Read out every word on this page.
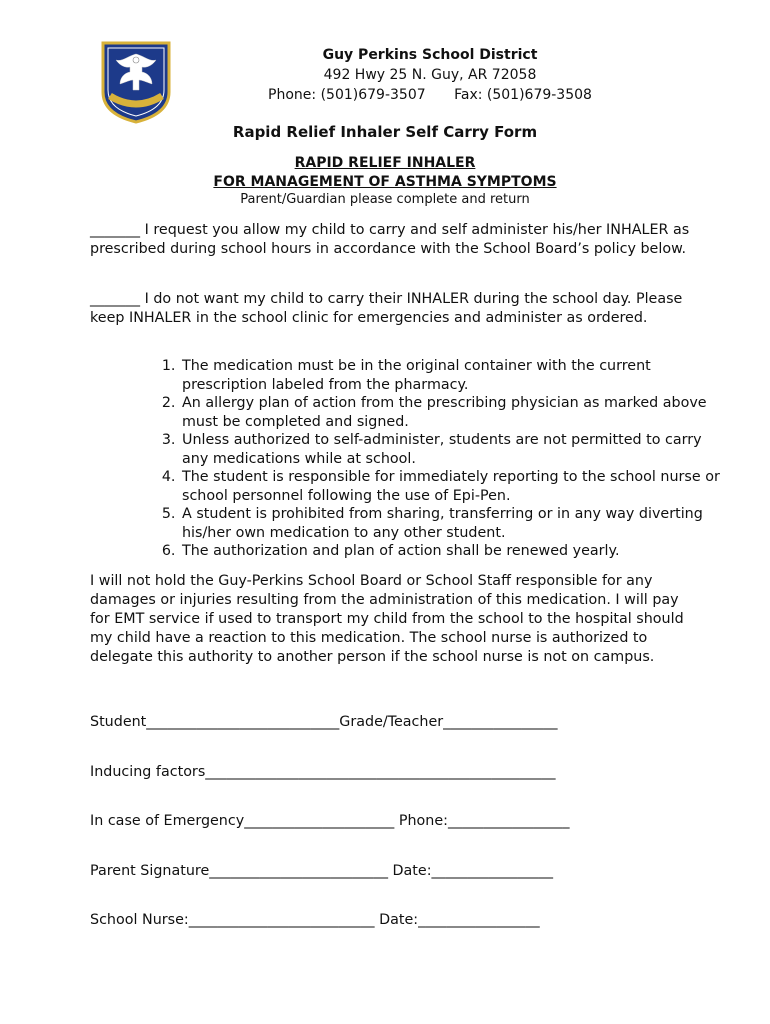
Guy Perkins School District
492 Hwy 25 N. Guy, AR 72058
Phone: (501)679-3507 Fax: (501)679-3508
Rapid Relief Inhaler Self Carry Form
RAPID RELIEF INHALER
FOR MANAGEMENT OF ASTHMA SYMPTOMS
Parent/Guardian please complete and return

_______ I request you allow my child to carry and self administer his/her INHALER as prescribed during school hours in accordance with the School Board’s policy below.

_______ I do not want my child to carry their INHALER during the school day. Please keep INHALER in the school clinic for emergencies and administer as ordered.

1. The medication must be in the original container with the current prescription labeled from the pharmacy.
2. An allergy plan of action from the prescribing physician as marked above must be completed and signed.
3. Unless authorized to self-administer, students are not permitted to carry any medications while at school.
4. The student is responsible for immediately reporting to the school nurse or school personnel following the use of Epi-Pen.
5. A student is prohibited from sharing, transferring or in any way diverting his/her own medication to any other student.
6. The authorization and plan of action shall be renewed yearly.

I will not hold the Guy-Perkins School Board or School Staff responsible for any damages or injuries resulting from the administration of this medication. I will pay for EMT service if used to transport my child from the school to the hospital should my child have a reaction to this medication. The school nurse is authorized to delegate this authority to another person if the school nurse is not on campus.

Student___________________________Grade/Teacher________________
Inducing factors_________________________________________________
In case of Emergency_____________________ Phone:_________________
Parent Signature_________________________ Date:_________________
School Nurse:__________________________ Date:_________________
